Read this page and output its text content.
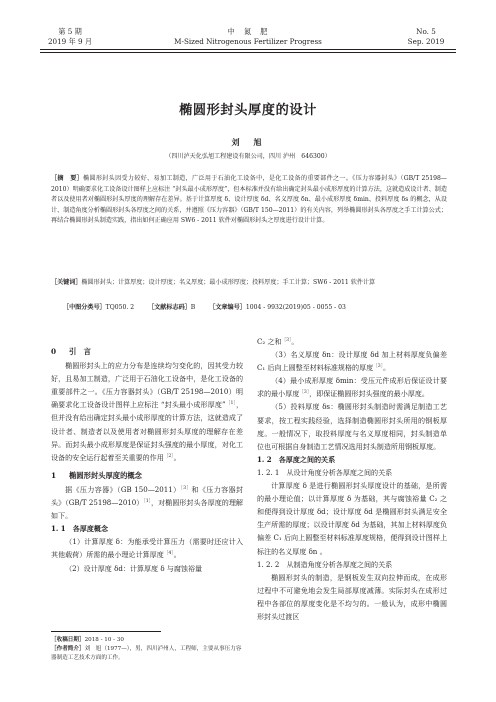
第 5 期
2019 年 9 月
中　氮　肥
M-Sized Nitrogenous Fertilizer Progress
No. 5
Sep. 2019
椭圆形封头厚度的设计
刘　旭
（四川泸天化弘旭工程建设有限公司，四川 泸州　646300）
［摘　要］椭圆形封头因受力较好、易加工制造，广泛用于石油化工设备中，是化工设备的重要部件之一。《压力容器封头》（GB/T 25198—2010）明确要求化工设备设计图样上应标注 “封头最小成形厚度”，但本标准并没有给出确定封头最小成形厚度的计算方法，这就造成设计者、制造者以及使用者对椭圆形封头厚度的理解存在差异。基于计算厚度 δ、设计厚度 δd、名义厚度 δn、最小成形厚度 δmin、投料厚度 δs 的概念，从设计、制造角度分析椭圆形封头各厚度之间的关系，并遵照《压力容器》（GB/T 150—2011）的有关内容，列举椭圆形封头各厚度之手工计算公式；再结合椭圆形封头制造实践，指出如何正确应用 SW6 - 2011 软件对椭圆形封头之厚度进行设计计算。
［关键词］椭圆形封头；计算厚度；设计厚度；名义厚度；最小成形厚度；投料厚度；手工计算；SW6 - 2011 软件计算
［中图分类号］TQ050. 2 ［文献标志码］B ［文章编号］1004 - 9932(2019)05 - 0055 - 03
0 引　言

椭圆形封头上的应力分布是连续均匀变化的，因其受力较好，且易加工制造，广泛用于石油化工设备中，是化工设备的重要部件之一。《压力容器封头》（GB/T 25198—2010）明确要求化工设备设计图样上应标注 “封头最小成形厚度”$^{[1]}$，但并没有给出确定封头最小成形厚度的计算方法，这就造成了设计者、制造者以及使用者对椭圆形封头厚度的理解存在差异。而封头最小成形厚度是保证封头强度的最小厚度，对化工设备的安全运行起着至关重要的作用$^{[2]}$。

1 椭圆形封头厚度的概念

据《压力容器》（GB 150—2011）$^{[3]}$和《压力容器封头》（GB/T 25198—2010）$^{[1]}$，对椭圆形封头各厚度的理解如下。

1. 1　各厚度概念

（1）计算厚度 δ：为能承受计算压力（需要时还应计入其他载荷）所需的最小理论计算厚度$^{[4]}$。

（2）设计厚度 δd：计算厚度 δ 与腐蚀裕量

C₂ 之和$^{[3]}$。

（3）名义厚度 δn：设计厚度 δd 加上材料厚度负偏差 C₁ 后向上圆整至材料标准规格的厚度$^{[3]}$。

（4）最小成形厚度 δmin：受压元件成形后保证设计要求的最小厚度$^{[3]}$，即保证椭圆形封头强度的最小厚度。

（5）投料厚度 δs：椭圆形封头制造时需满足制造工艺要求，按工程实践经验，选择制造椭圆形封头所用的钢板厚度。一般情况下，取投料厚度与名义厚度相同，封头制造单位也可根据自身制造工艺情况选用封头制造所用钢板厚度。

1. 2　各厚度之间的关系
1. 2. 1　从设计角度分析各厚度之间的关系

计算厚度 δ 是进行椭圆形封头厚度设计的基础，是所需的最小理论值；以计算厚度 δ 为基础，其与腐蚀裕量 C₂ 之和便得到设计厚度 δd；设计厚度 δd 是椭圆形封头满足安全生产所需的厚度；以设计厚度 δd 为基础，其加上材料厚度负偏差 C₁ 后向上圆整至材料标准厚度规格，便得到设计图样上标注的名义厚度 δn 。

1. 2. 2　从制造角度分析各厚度之间的关系

椭圆形封头的制造，是钢板发生双向拉伸而成，在成形过程中不可避免地会发生局部厚度减薄。实际封头在成形过程中各部位的厚度变化是不均匀的。一般认为，成形中椭圆形封头过渡区

［收稿日期］2018 - 10 - 30
［作者简介］刘　旭（1977—），男，四川泸州人，工程师，主要从事压力容器制造工艺技术方面的工作。
